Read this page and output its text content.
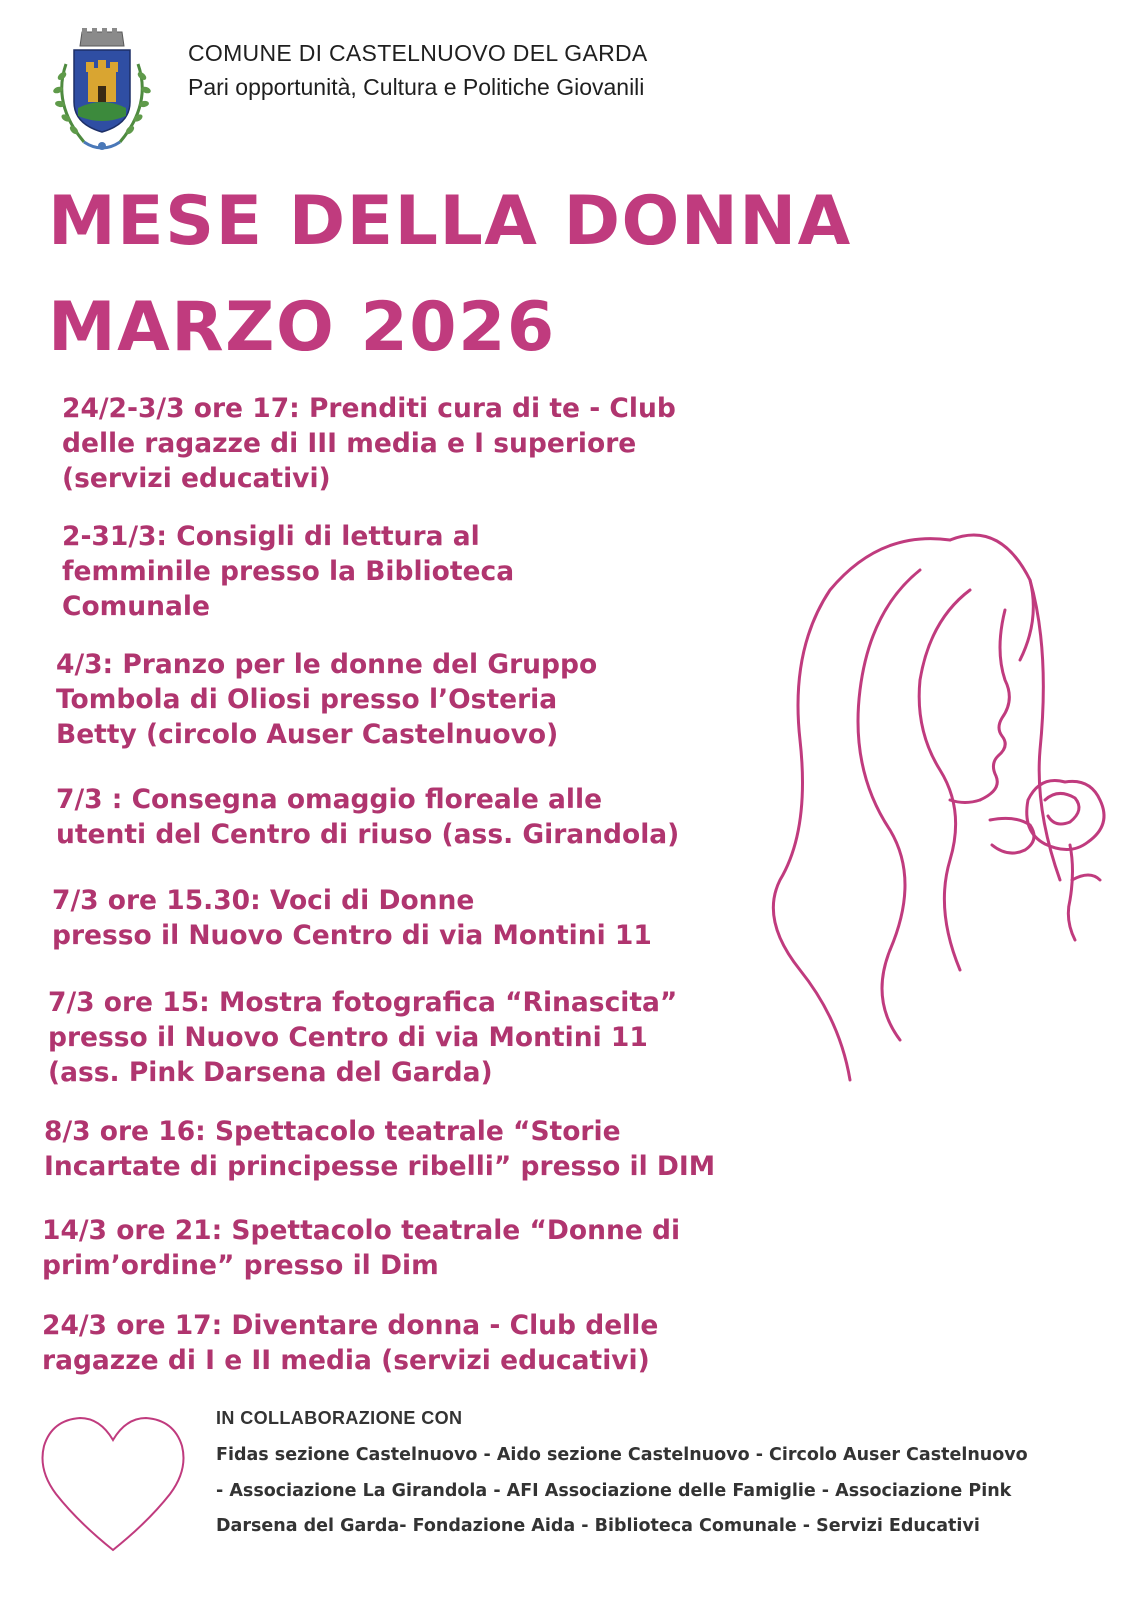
COMUNE DI CASTELNUOVO DEL GARDA
Pari opportunità, Cultura e Politiche Giovanili
MESE DELLA DONNA
MARZO 2026
24/2-3/3 ore 17: Prenditi cura di te - Club
delle ragazze di III media e I superiore
(servizi educativi)
2-31/3: Consigli di lettura al
femminile presso la Biblioteca
Comunale
4/3: Pranzo per le donne del Gruppo
Tombola di Oliosi presso l’Osteria
Betty (circolo Auser Castelnuovo)
7/3 : Consegna omaggio floreale alle
utenti del Centro di riuso (ass. Girandola)
7/3 ore 15.30: Voci di Donne
presso il Nuovo Centro di via Montini 11
7/3 ore 15: Mostra fotografica “Rinascita”
presso il Nuovo Centro di via Montini 11
(ass. Pink Darsena del Garda)
8/3 ore 16: Spettacolo teatrale “Storie
Incartate di principesse ribelli” presso il DIM
14/3 ore 21: Spettacolo teatrale “Donne di
prim’ordine” presso il Dim
24/3 ore 17: Diventare donna - Club delle
ragazze di I e II media (servizi educativi)
IN COLLABORAZIONE CON
Fidas sezione Castelnuovo - Aido sezione Castelnuovo - Circolo Auser Castelnuovo
- Associazione La Girandola - AFI Associazione delle Famiglie - Associazione Pink
Darsena del Garda- Fondazione Aida - Biblioteca Comunale - Servizi Educativi
